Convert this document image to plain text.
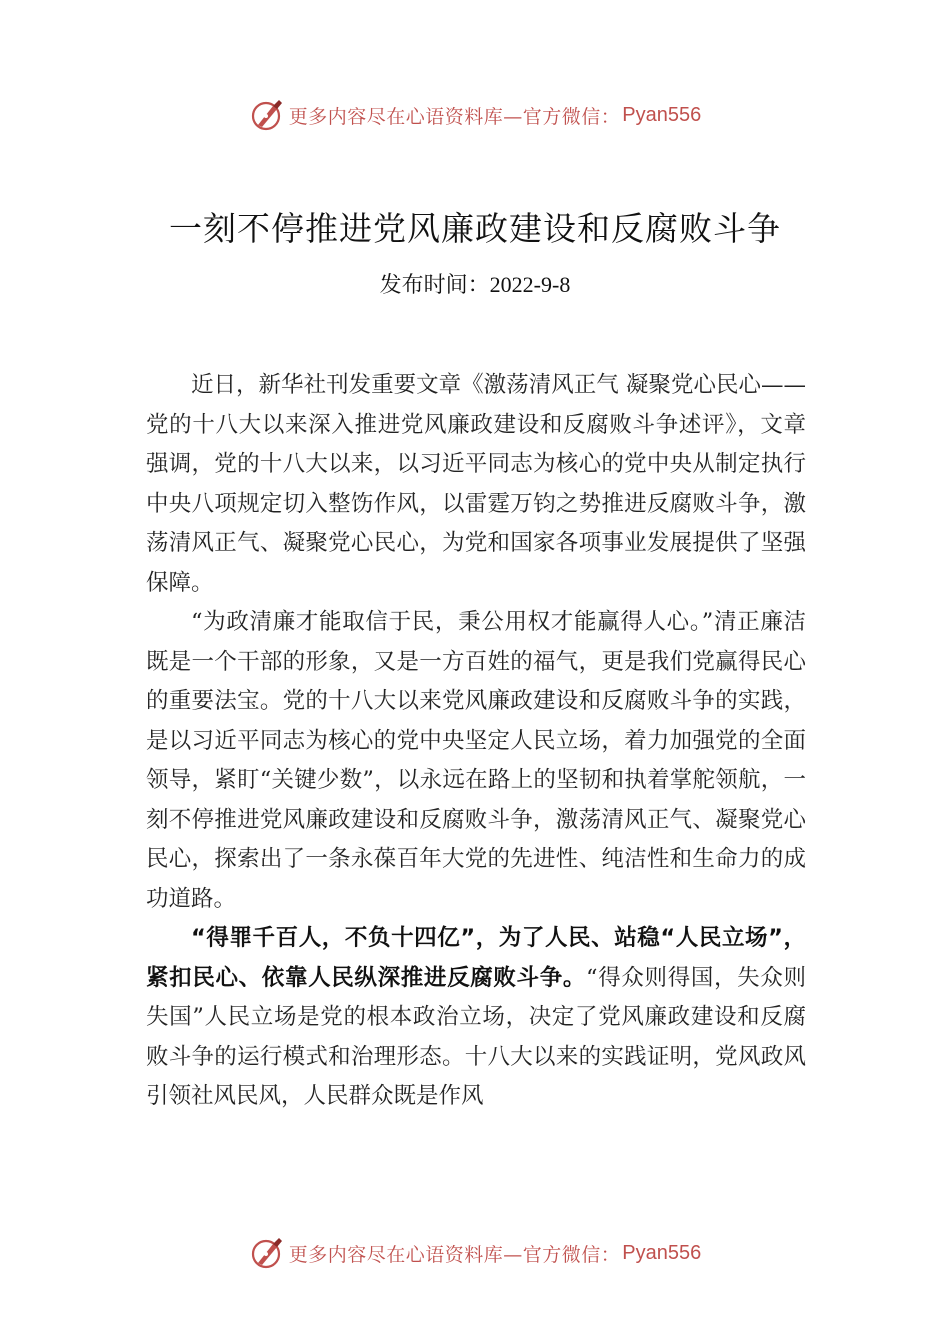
更多内容尽在心语资料库—官方微信： Pyan556
一刻不停推进党风廉政建设和反腐败斗争
发布时间：2022-9-8

近日，新华社刊发重要文章《激荡清风正气 凝聚党心民心——党的十八大以来深入推进党风廉政建设和反腐败斗争述评》，文章强调，党的十八大以来，以习近平同志为核心的党中央从制定执行中央八项规定切入整饬作风，以雷霆万钧之势推进反腐败斗争，激荡清风正气、凝聚党心民心，为党和国家各项事业发展提供了坚强保障。

“为政清廉才能取信于民，秉公用权才能赢得人心。”清正廉洁既是一个干部的形象，又是一方百姓的福气，更是我们党赢得民心的重要法宝。党的十八大以来党风廉政建设和反腐败斗争的实践，是以习近平同志为核心的党中央坚定人民立场，着力加强党的全面领导，紧盯“关键少数”，以永远在路上的坚韧和执着掌舵领航，一刻不停推进党风廉政建设和反腐败斗争，激荡清风正气、凝聚党心民心，探索出了一条永葆百年大党的先进性、纯洁性和生命力的成功道路。

“得罪千百人，不负十四亿”，为了人民、站稳“人民立场”，紧扣民心、依靠人民纵深推进反腐败斗争。“得众则得国，失众则失国”人民立场是党的根本政治立场，决定了党风廉政建设和反腐败斗争的运行模式和治理形态。十八大以来的实践证明，党风政风引领社风民风，人民群众既是作风

更多内容尽在心语资料库—官方微信： Pyan556
